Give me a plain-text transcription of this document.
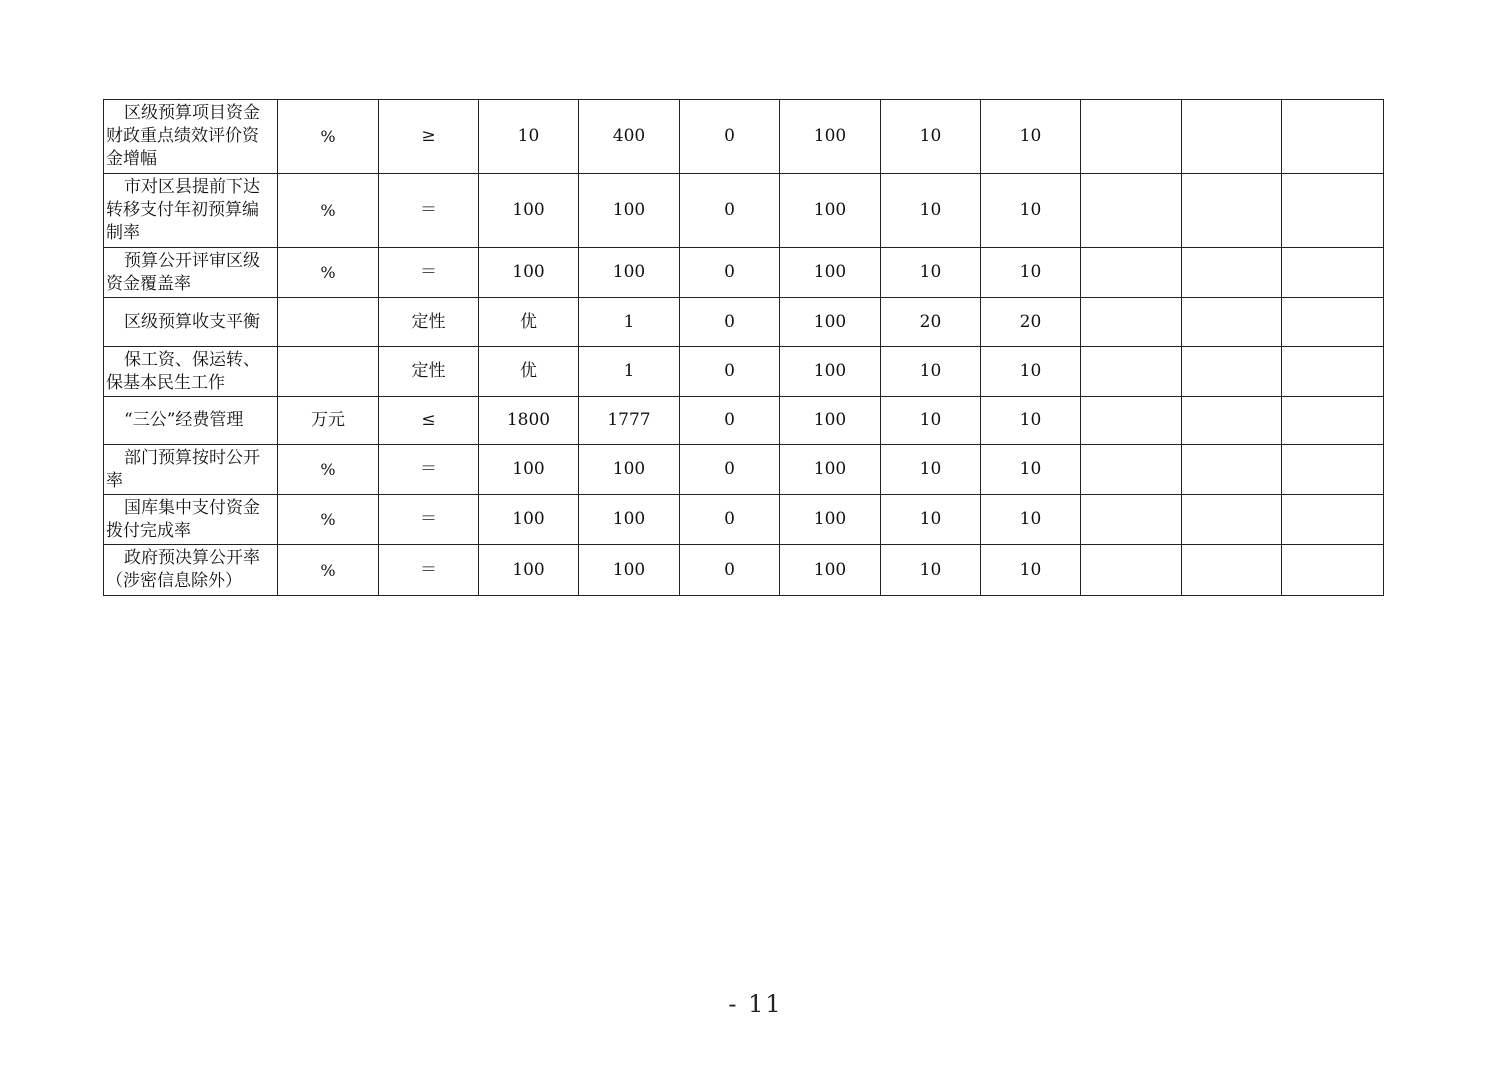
区级预算项目资金财政重点绩效评价资金增幅	%	≥	10	400	0	100	10	10			
市对区县提前下达转移支付年初预算编制率	%	＝	100	100	0	100	10	10			
预算公开评审区级资金覆盖率	%	＝	100	100	0	100	10	10			
区级预算收支平衡		定性	优	1	0	100	20	20			
保工资、保运转、保基本民生工作		定性	优	1	0	100	10	10			
“三公”经费管理	万元	≤	1800	1777	0	100	10	10			
部门预算按时公开率	%	＝	100	100	0	100	10	10			
国库集中支付资金拨付完成率	%	＝	100	100	0	100	10	10			
政府预决算公开率（涉密信息除外）	%	＝	100	100	0	100	10	10			
- 11
